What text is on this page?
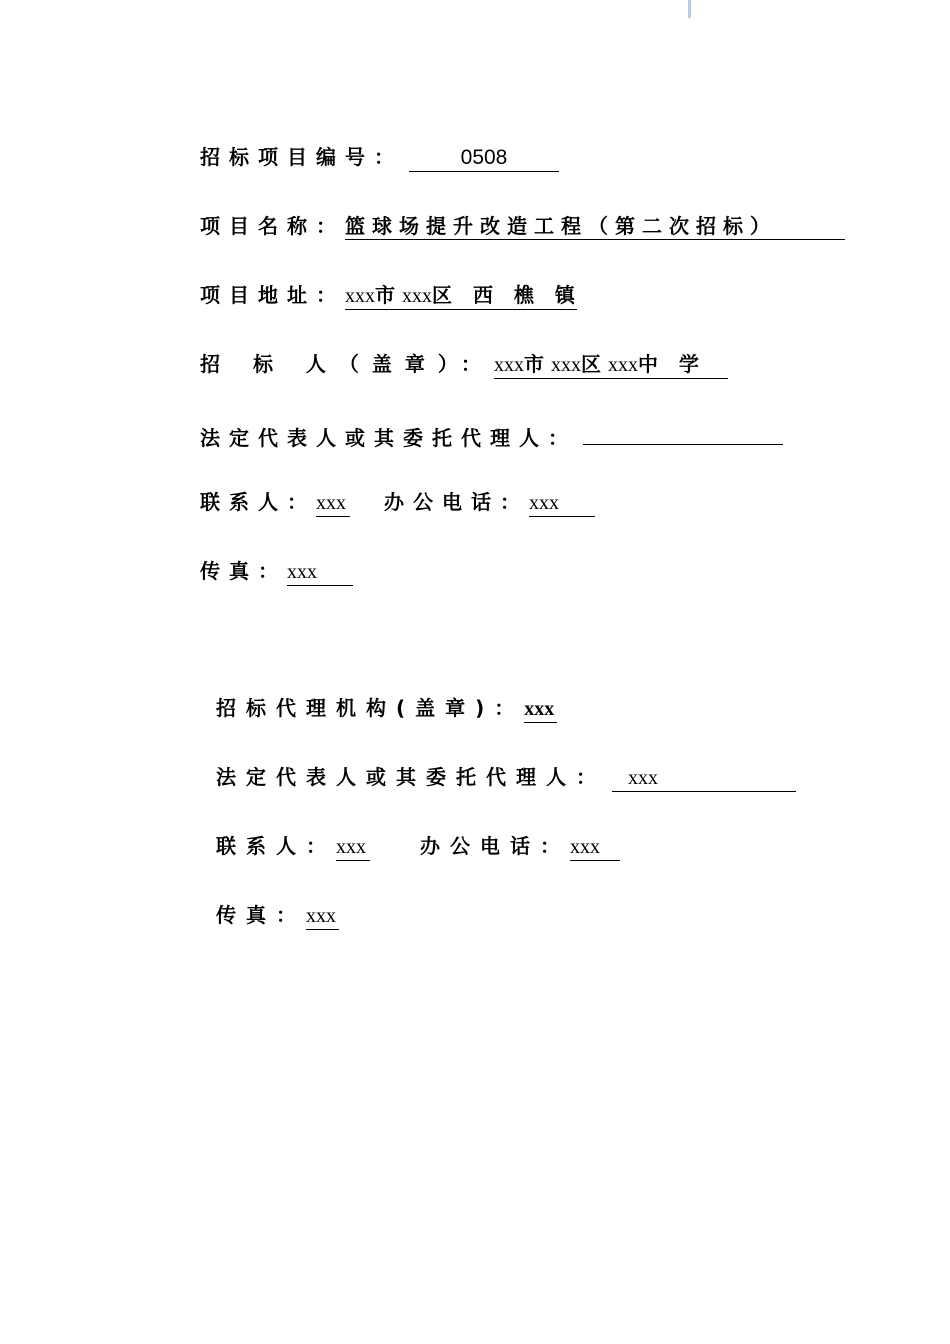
招标项目编号：	0508
项目名称：篮球场提升改造工程（第二次招标）
项目地址：xxx市xxx区 西 樵 镇
招 标 人（盖章）：xxx市xxx区xxx中 学
法定代表人或其委托代理人：
联系人：xxx 办公电话：xxx
传真：xxx
招标代理机构(盖章)：xxx
法定代表人或其委托代理人： xxx
联系人：xxx	办公电话：xxx
传真：xxx
